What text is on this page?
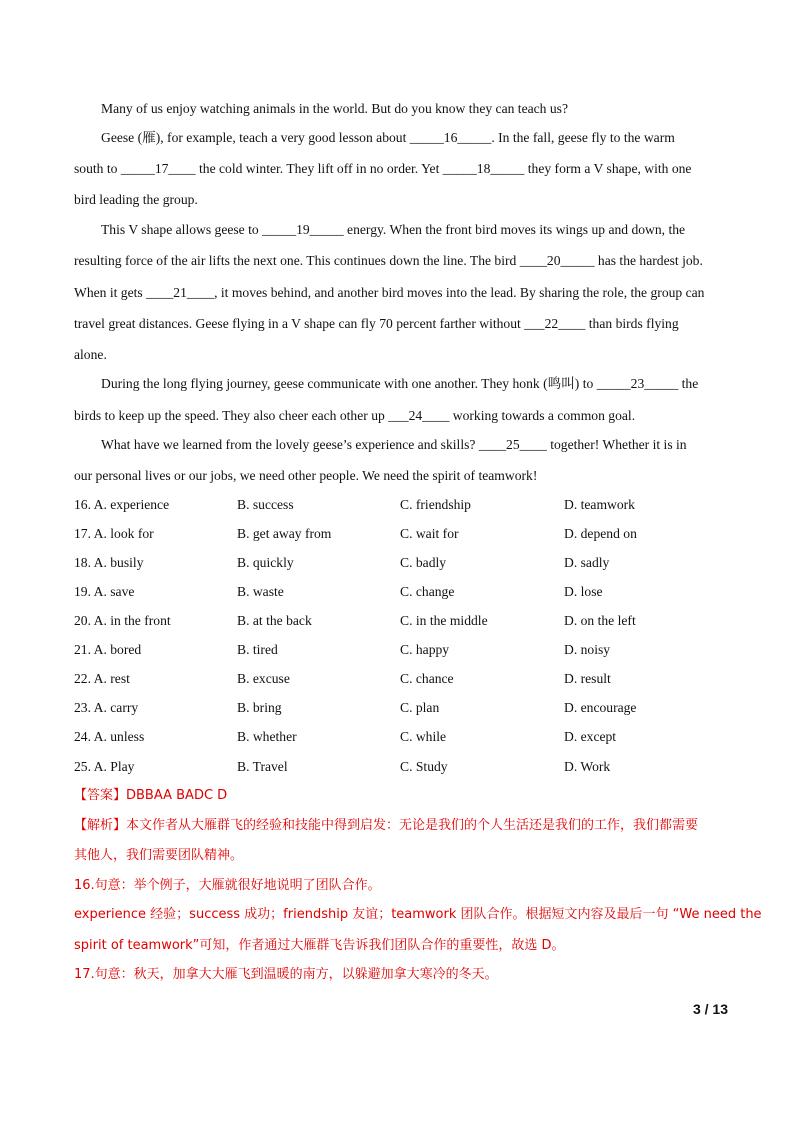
Many of us enjoy watching animals in the world. But do you know they can teach us?
Geese (雁), for example, teach a very good lesson about _____16_____. In the fall, geese fly to the warm
south to _____17____ the cold winter. They lift off in no order. Yet _____18_____ they form a V shape, with one
bird leading the group.
This V shape allows geese to _____19_____ energy. When the front bird moves its wings up and down, the
resulting force of the air lifts the next one. This continues down the line. The bird ____20_____ has the hardest job.
When it gets ____21____, it moves behind, and another bird moves into the lead. By sharing the role, the group can
travel great distances. Geese flying in a V shape can fly 70 percent farther without ___22____ than birds flying
alone.
During the long flying journey, geese communicate with one another. They honk (鸣叫) to _____23_____ the
birds to keep up the speed. They also cheer each other up ___24____ working towards a common goal.
What have we learned from the lovely geese’s experience and skills? ____25____ together! Whether it is in
our personal lives or our jobs, we need other people. We need the spirit of teamwork!
16. A. experience	B. success	C. friendship	D. teamwork
17. A. look for	B. get away from	C. wait for	D. depend on
18. A. busily	B. quickly	C. badly	D. sadly
19. A. save	B. waste	C. change	D. lose
20. A. in the front	B. at the back	C. in the middle	D. on the left
21. A. bored	B. tired	C. happy	D. noisy
22. A. rest	B. excuse	C. chance	D. result
23. A. carry	B. bring	C. plan	D. encourage
24. A. unless	B. whether	C. while	D. except
25. A. Play	B. Travel	C. Study	D. Work
【答案】DBBAA BADC D
【解析】本文作者从大雁群飞的经验和技能中得到启发：无论是我们的个人生活还是我们的工作，我们都需要
其他人，我们需要团队精神。
16.句意：举个例子，大雁就很好地说明了团队合作。
experience 经验；success 成功；friendship 友谊；teamwork 团队合作。根据短文内容及最后一句 “We need the
spirit of teamwork”可知，作者通过大雁群飞告诉我们团队合作的重要性，故选 D。
17.句意：秋天，加拿大大雁飞到温暖的南方，以躲避加拿大寒冷的冬天。
3 / 13
